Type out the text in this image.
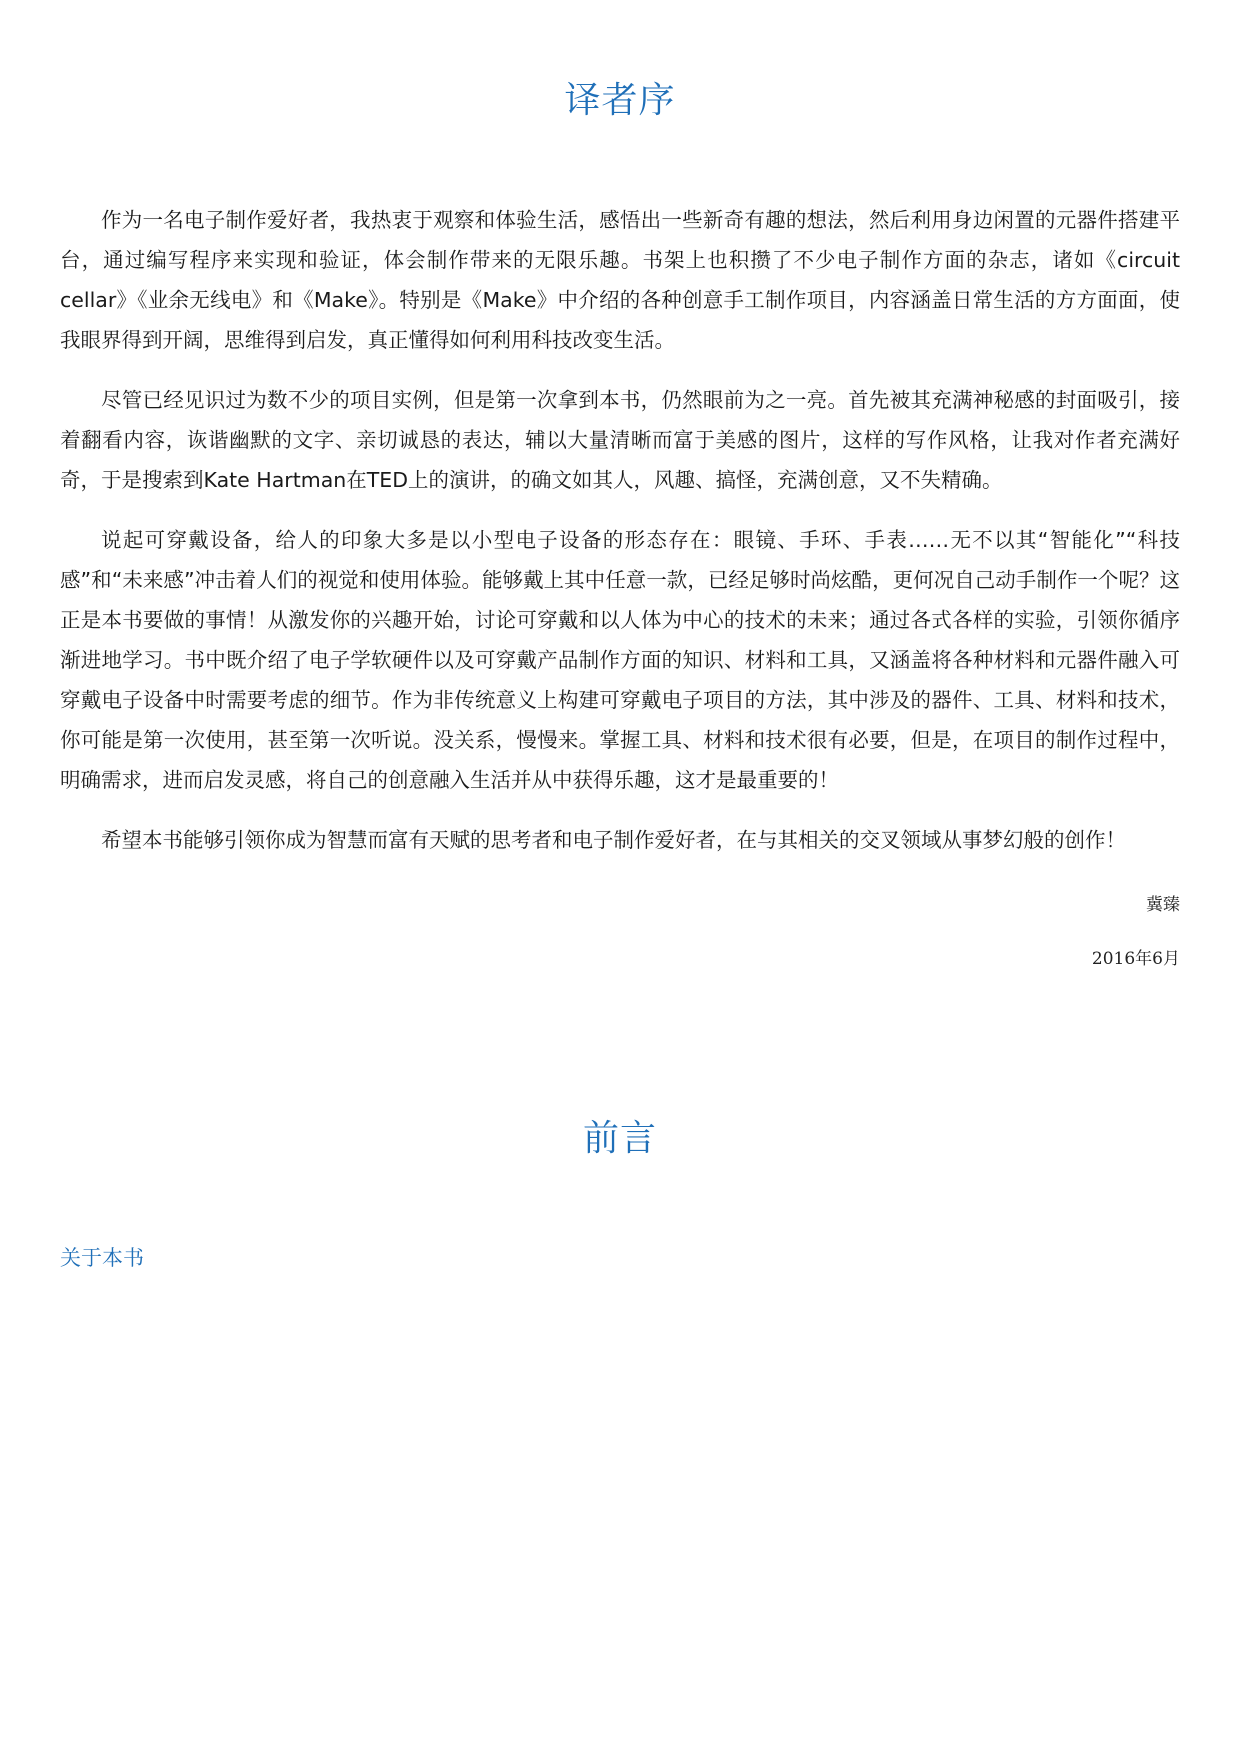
译者序

作为一名电子制作爱好者，我热衷于观察和体验生活，感悟出一些新奇有趣的想法，然后利用身边闲置的元器件搭建平台，通过编写程序来实现和验证，体会制作带来的无限乐趣。书架上也积攒了不少电子制作方面的杂志，诸如《circuit cellar》《业余无线电》和《Make》。特别是《Make》中介绍的各种创意手工制作项目，内容涵盖日常生活的方方面面，使我眼界得到开阔，思维得到启发，真正懂得如何利用科技改变生活。

尽管已经见识过为数不少的项目实例，但是第一次拿到本书，仍然眼前为之一亮。首先被其充满神秘感的封面吸引，接着翻看内容，诙谐幽默的文字、亲切诚恳的表达，辅以大量清晰而富于美感的图片，这样的写作风格，让我对作者充满好奇，于是搜索到Kate Hartman在TED上的演讲，的确文如其人，风趣、搞怪，充满创意，又不失精确。

说起可穿戴设备，给人的印象大多是以小型电子设备的形态存在：眼镜、手环、手表……无不以其“智能化”“科技感”和“未来感”冲击着人们的视觉和使用体验。能够戴上其中任意一款，已经足够时尚炫酷，更何况自己动手制作一个呢？这正是本书要做的事情！从激发你的兴趣开始，讨论可穿戴和以人体为中心的技术的未来；通过各式各样的实验，引领你循序渐进地学习。书中既介绍了电子学软硬件以及可穿戴产品制作方面的知识、材料和工具，又涵盖将各种材料和元器件融入可穿戴电子设备中时需要考虑的细节。作为非传统意义上构建可穿戴电子项目的方法，其中涉及的器件、工具、材料和技术，你可能是第一次使用，甚至第一次听说。没关系，慢慢来。掌握工具、材料和技术很有必要，但是，在项目的制作过程中，明确需求，进而启发灵感，将自己的创意融入生活并从中获得乐趣，这才是最重要的！

希望本书能够引领你成为智慧而富有天赋的思考者和电子制作爱好者，在与其相关的交叉领域从事梦幻般的创作！

冀臻
2016年6月
前言
关于本书
